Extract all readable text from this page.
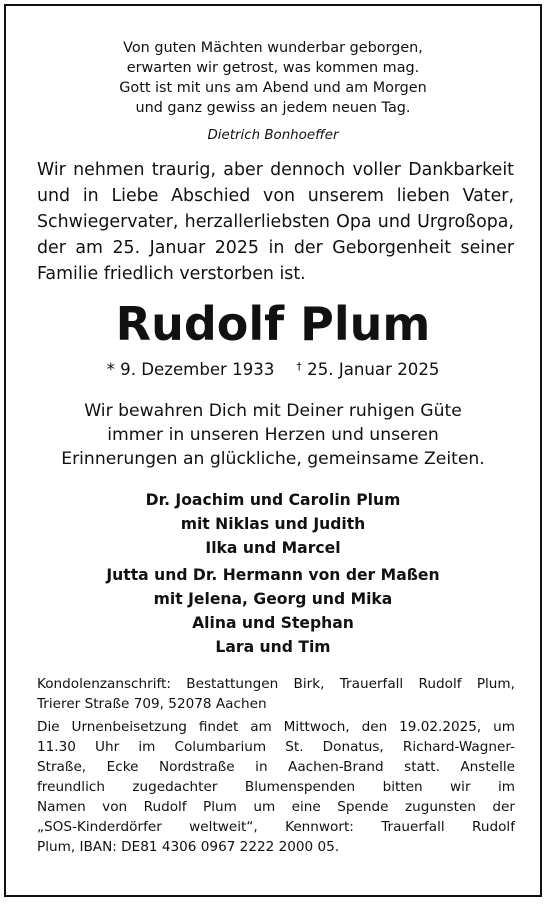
Von guten Mächten wunderbar geborgen,
erwarten wir getrost, was kommen mag.
Gott ist mit uns am Abend und am Morgen
und ganz gewiss an jedem neuen Tag.
Dietrich Bonhoeffer
Wir nehmen traurig, aber dennoch voller Dankbarkeit
und in Liebe Abschied von unserem lieben Vater,
Schwiegervater, herzallerliebsten Opa und Urgroßopa,
der am 25. Januar 2025 in der Geborgenheit seiner
Familie friedlich verstorben ist.
Rudolf Plum
* 9. Dezember 1933 † 25. Januar 2025
Wir bewahren Dich mit Deiner ruhigen Güte
immer in unseren Herzen und unseren
Erinnerungen an glückliche, gemeinsame Zeiten.
Dr. Joachim und Carolin Plum
mit Niklas und Judith
Ilka und Marcel
Jutta und Dr. Hermann von der Maßen
mit Jelena, Georg und Mika
Alina und Stephan
Lara und Tim
Kondolenzanschrift: Bestattungen Birk, Trauerfall Rudolf Plum,
Trierer Straße 709, 52078 Aachen
Die Urnenbeisetzung findet am Mittwoch, den 19.02.2025, um
11.30 Uhr im Columbarium St. Donatus, Richard-Wagner-
Straße, Ecke Nordstraße in Aachen-Brand statt. Anstelle
freundlich zugedachter Blumenspenden bitten wir im
Namen von Rudolf Plum um eine Spende zugunsten der
„SOS-Kinderdörfer weltweit“, Kennwort: Trauerfall Rudolf
Plum, IBAN: DE81 4306 0967 2222 2000 05.
